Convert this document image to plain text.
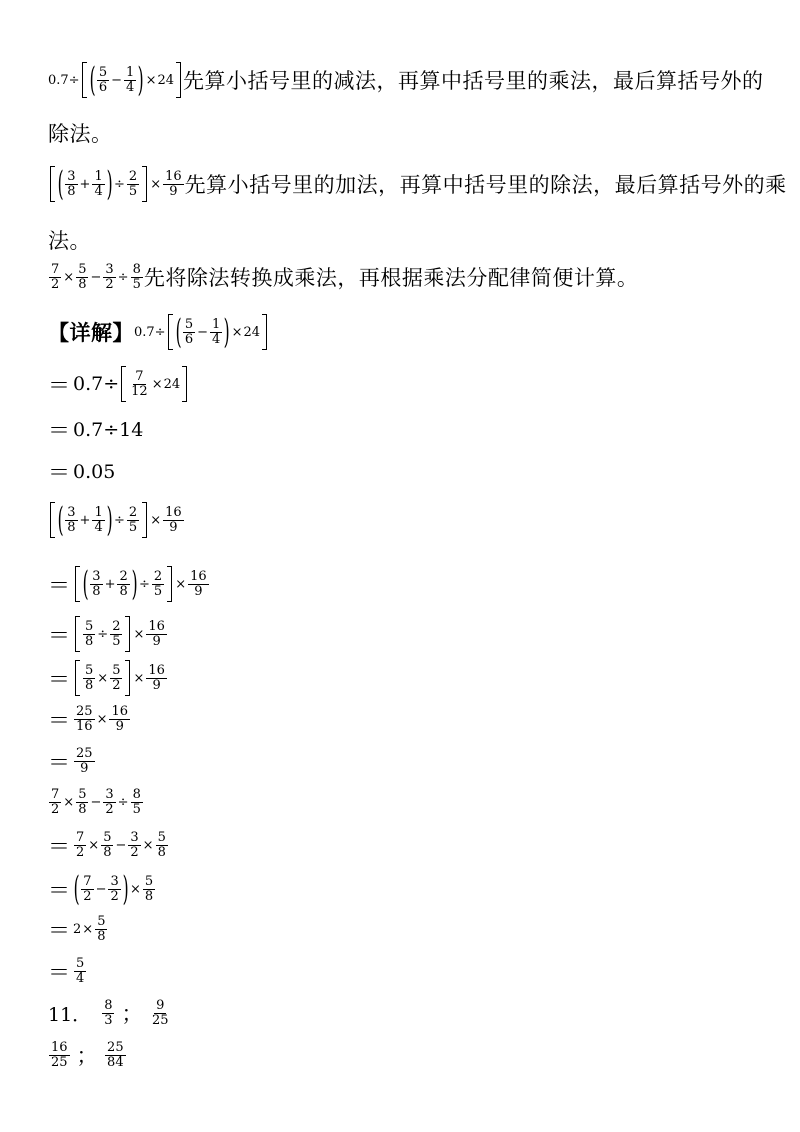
0.7÷ ( $\frac{5}{6} - \frac{1}{4}$ ) × 24 先算小括号里的减法，再算中括号里的乘法，最后算括号外的
除法。
( $\frac{3}{8} + \frac{1}{4}$ ) ÷ $\frac{2}{5} \times \frac{16}{9}$ 先算小括号里的加法，再算中括号里的除法，最后算括号外的乘
法。
$\frac{7}{2} \times \frac{5}{8} - \frac{3}{2} \div \frac{8}{5}$ 先将除法转换成乘法，再根据乘法分配律简便计算。
【详解】 0.7÷ ( $\frac{5}{6} - \frac{1}{4}$ ) × 24
＝ $0.7\div \frac{7}{12} \times 24$
＝ 0.7÷14
＝ 0.05
( $\frac{3}{8} + \frac{1}{4}$ ) ÷ $\frac{2}{5} \times \frac{16}{9}$
＝ ( $\frac{3}{8} + \frac{2}{8}$ ) ÷ $\frac{2}{5} \times \frac{16}{9}$
＝ $\frac{5}{8} \div \frac{2}{5} \times \frac{16}{9}$
＝ $\frac{5}{8} \times \frac{5}{2} \times \frac{16}{9}$
＝ $\frac{25}{16} \times \frac{16}{9}$
＝ $\frac{25}{9}$
$\frac{7}{2} \times \frac{5}{8} - \frac{3}{2} \div \frac{8}{5}$
＝ $\frac{7}{2} \times \frac{5}{8} - \frac{3}{2} \times \frac{5}{8}$
＝ ( $\frac{7}{2} - \frac{3}{2}$ ) × $\frac{5}{8}$
＝ $2 \times \frac{5}{8}$
＝ $\frac{5}{4}$
11． $\frac{8}{3}$ ； $\frac{9}{25}$
$\frac{16}{25}$ ； $\frac{25}{84}$
